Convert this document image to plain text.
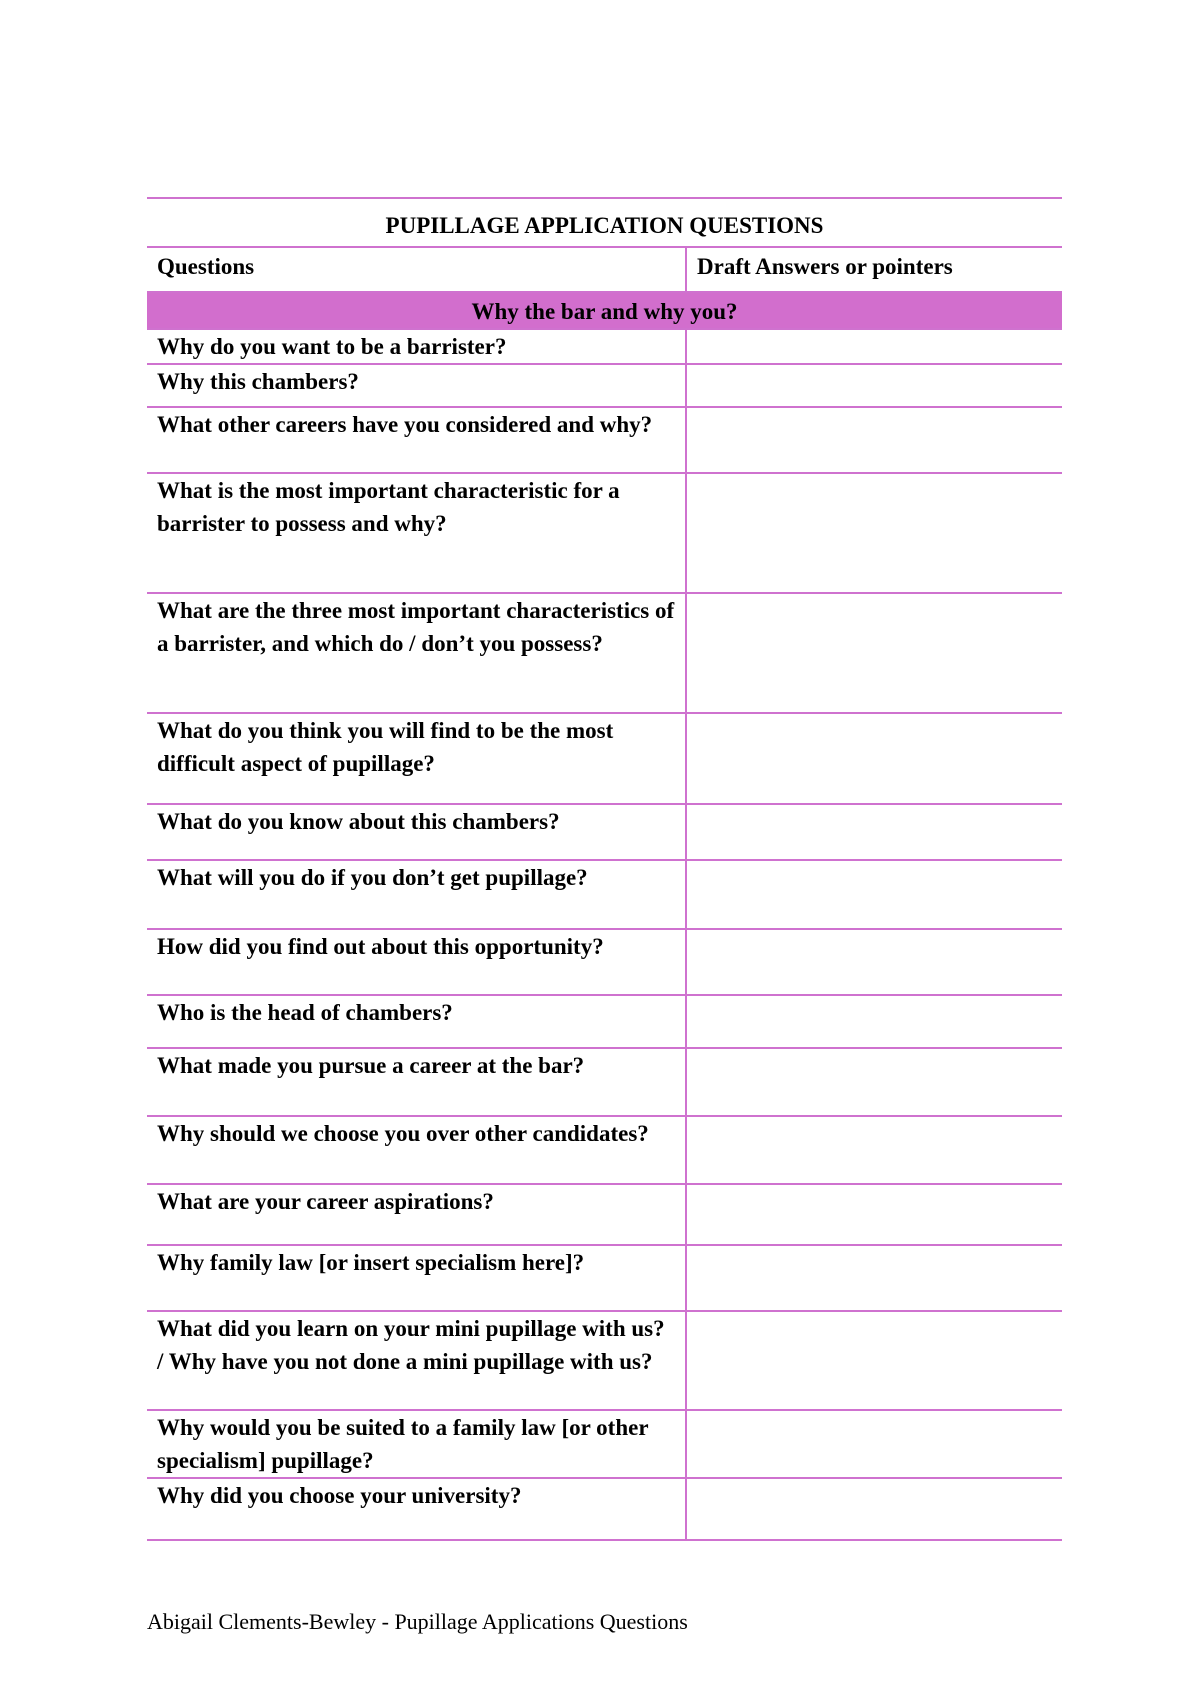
PUPILLAGE APPLICATION QUESTIONS	
Questions	Draft Answers or pointers
Why the bar and why you?	
Why do you want to be a barrister?	
Why this chambers?	
What other careers have you considered and why?	
What is the most important characteristic for a barrister to possess and why?	
What are the three most important characteristics of a barrister, and which do / don’t you possess?	
What do you think you will find to be the most difficult aspect of pupillage?	
What do you know about this chambers?	
What will you do if you don’t get pupillage?	
How did you find out about this opportunity?	
Who is the head of chambers?	
What made you pursue a career at the bar?	
Why should we choose you over other candidates?	
What are your career aspirations?	
Why family law [or insert specialism here]?	
What did you learn on your mini pupillage with us? / Why have you not done a mini pupillage with us?	
Why would you be suited to a family law [or other specialism] pupillage?	
Why did you choose your university?	
Abigail Clements-Bewley - Pupillage Applications Questions
